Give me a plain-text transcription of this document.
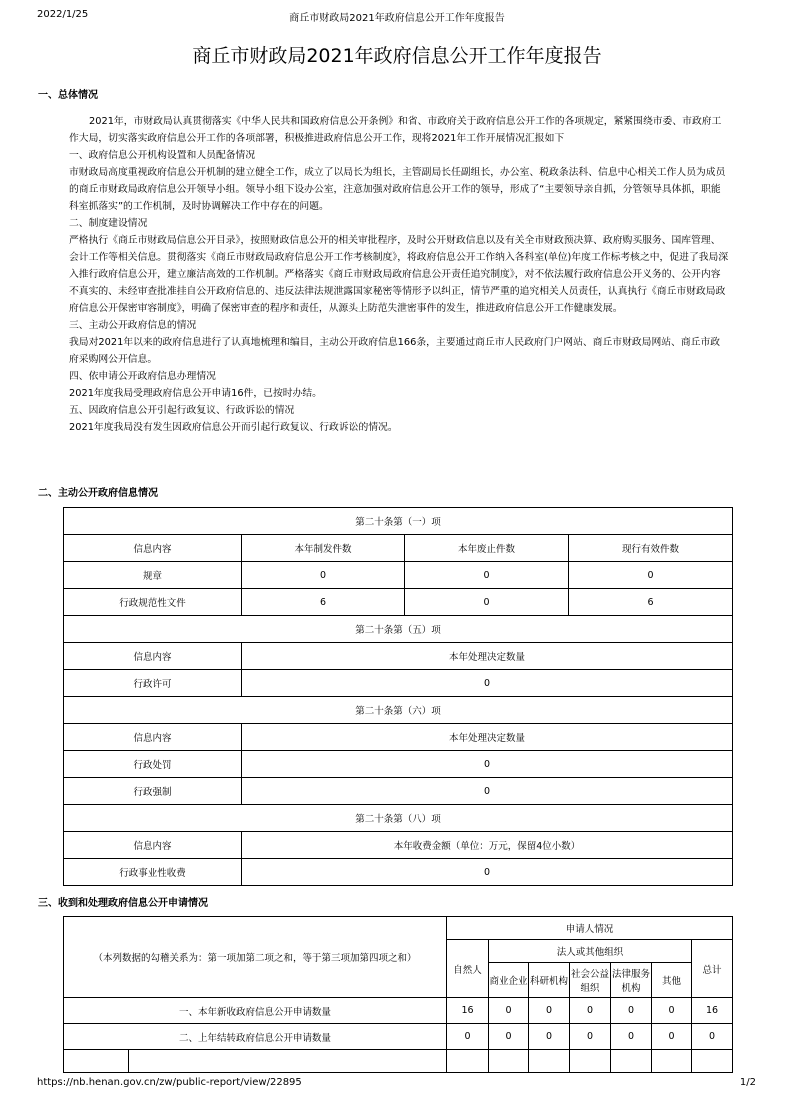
2022/1/25	商丘市财政局2021年政府信息公开工作年度报告
商丘市财政局2021年政府信息公开工作年度报告
一、总体情况

2021年，市财政局认真贯彻落实《中华人民共和国政府信息公开条例》和省、市政府关于政府信息公开工作的各项规定，紧紧围绕市委、市政府工作大局，切实落实政府信息公开工作的各项部署，积极推进政府信息公开工作，现将2021年工作开展情况汇报如下

一、政府信息公开机构设置和人员配备情况

市财政局高度重视政府信息公开机制的建立健全工作，成立了以局长为组长，主管副局长任副组长，办公室、税政条法科、信息中心相关工作人员为成员的商丘市财政局政府信息公开领导小组。领导小组下设办公室，注意加强对政府信息公开工作的领导，形成了“主要领导亲自抓，分管领导具体抓，职能科室抓落实”的工作机制，及时协调解决工作中存在的问题。

二、制度建设情况

严格执行《商丘市财政局信息公开目录》，按照财政信息公开的相关审批程序，及时公开财政信息以及有关全市财政预决算、政府购买服务、国库管理、会计工作等相关信息。贯彻落实《商丘市财政局政府信息公开工作考核制度》，将政府信息公开工作纳入各科室(单位)年度工作标考核之中，促进了我局深入推行政府信息公开，建立廉洁高效的工作机制。严格落实《商丘市财政局政府信息公开责任追究制度》，对不依法履行政府信息公开义务的、公开内容不真实的、未经审查批准挂自公开政府信息的、违反法律法规泄露国家秘密等情形予以纠正，情节严重的追究相关人员责任，认真执行《商丘市财政局政府信息公开保密审容制度》，明确了保密审查的程序和责任，从源头上防范失泄密事件的发生，推进政府信息公开工作健康发展。

三、主动公开政府信息的情况

我局对2021年以来的政府信息进行了认真地梳理和编目，主动公开政府信息166条，主要通过商丘市人民政府门户网站、商丘市财政局网站、商丘市政府采购网公开信息。

四、依申请公开政府信息办理情况

2021年度我局受理政府信息公开申请16件，已按时办结。

五、因政府信息公开引起行政复议、行政诉讼的情况

2021年度我局没有发生因政府信息公开而引起行政复议、行政诉讼的情况。

二、主动公开政府信息情况
第二十条第（一）项			
信息内容	本年制发件数	本年废止件数	现行有效件数
规章	0	0	0
行政规范性文件	6	0	6
第二十条第（五）项			
信息内容	本年处理决定数量		
行政许可	0		
第二十条第（六）项			
信息内容	本年处理决定数量		
行政处罚	0		
行政强制	0		
第二十条第（八）项			
信息内容	本年收费金额（单位：万元，保留4位小数）		
行政事业性收费	0		
三、收到和处理政府信息公开申请情况
（本列数据的勾稽关系为：第一项加第二项之和，等于第三项加第四项之和）		申请人情况						
		自然人	法人或其他组织					总计
			商业企业	科研机构	社会公益组织	法律服务机构	其他	
一、本年新收政府信息公开申请数量		16	0	0	0	0	0	16
二、上年结转政府信息公开申请数量		0	0	0	0	0	0	0

https://nb.henan.gov.cn/zw/public-report/view/22895	1/2
